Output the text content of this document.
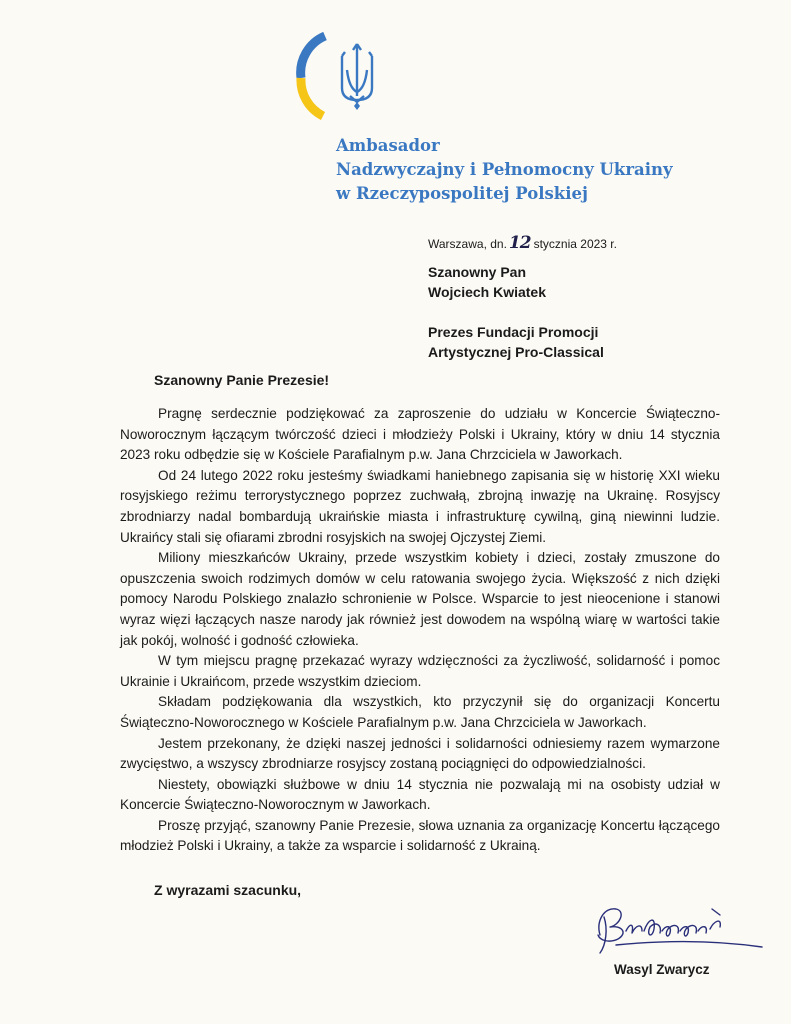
Ambasador
Nadzwyczajny i Pełnomocny Ukrainy
w Rzeczypospolitej Polskiej
Warszawa, dn. 12 stycznia 2023 r.
Szanowny Pan
Wojciech Kwiatek
Prezes Fundacji Promocji
Artystycznej Pro-Classical
Szanowny Panie Prezesie!

Pragnę serdecznie podziękować za zaproszenie do udziału w Koncercie Świąteczno-Noworocznym łączącym twórczość dzieci i młodzieży Polski i Ukrainy, który w dniu 14 stycznia 2023 roku odbędzie się w Kościele Parafialnym p.w. Jana Chrzciciela w Jaworkach.

Od 24 lutego 2022 roku jesteśmy świadkami haniebnego zapisania się w historię XXI wieku rosyjskiego reżimu terrorystycznego poprzez zuchwałą, zbrojną inwazję na Ukrainę. Rosyjscy zbrodniarzy nadal bombardują ukraińskie miasta i infrastrukturę cywilną, giną niewinni ludzie. Ukraińcy stali się ofiarami zbrodni rosyjskich na swojej Ojczystej Ziemi.

Miliony mieszkańców Ukrainy, przede wszystkim kobiety i dzieci, zostały zmuszone do opuszczenia swoich rodzimych domów w celu ratowania swojego życia. Większość z nich dzięki pomocy Narodu Polskiego znalazło schronienie w Polsce. Wsparcie to jest nieocenione i stanowi wyraz więzi łączących nasze narody jak również jest dowodem na wspólną wiarę w wartości takie jak pokój, wolność i godność człowieka.

W tym miejscu pragnę przekazać wyrazy wdzięczności za życzliwość, solidarność i pomoc Ukrainie i Ukraińcom, przede wszystkim dzieciom.

Składam podziękowania dla wszystkich, kto przyczynił się do organizacji Koncertu Świąteczno-Noworocznego w Kościele Parafialnym p.w. Jana Chrzciciela w Jaworkach.

Jestem przekonany, że dzięki naszej jedności i solidarności odniesiemy razem wymarzone zwycięstwo, a wszyscy zbrodniarze rosyjscy zostaną pociągnięci do odpowiedzialności.

Niestety, obowiązki służbowe w dniu 14 stycznia nie pozwalają mi na osobisty udział w Koncercie Świąteczno-Noworocznym w Jaworkach.

Proszę przyjąć, szanowny Panie Prezesie, słowa uznania za organizację Koncertu łączącego młodzież Polski i Ukrainy, a także za wsparcie i solidarność z Ukrainą.

Z wyrazami szacunku,
Wasyl Zwarycz
